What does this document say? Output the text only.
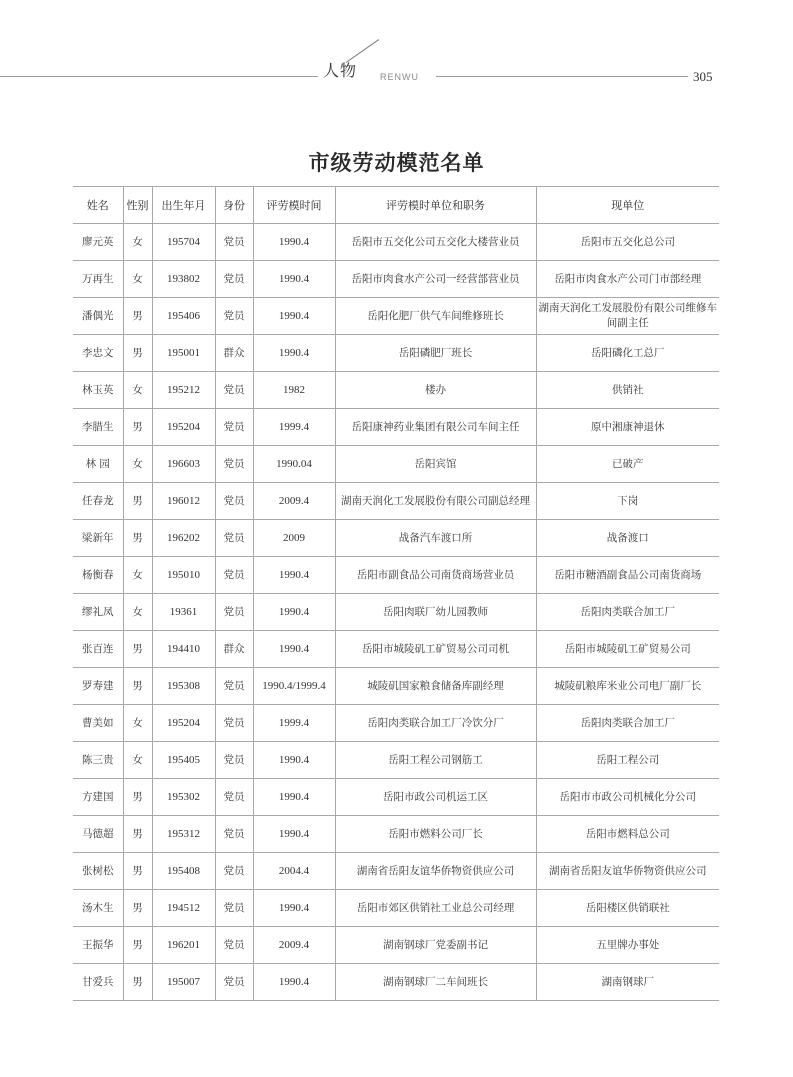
人物	RENWU	305
市级劳动模范名单
姓名	性别	出生年月	身份	评劳模时间	评劳模时单位和职务	现单位
廖元英	女	195704	党员	1990.4	岳阳市五交化公司五交化大楼营业员	岳阳市五交化总公司
万再生	女	193802	党员	1990.4	岳阳市肉食水产公司一经营部营业员	岳阳市肉食水产公司门市部经理
潘偶光	男	195406	党员	1990.4	岳阳化肥厂供气车间维修班长	湖南天润化工发展股份有限公司维修车间副主任
李忠文	男	195001	群众	1990.4	岳阳磷肥厂班长	岳阳磷化工总厂
林玉英	女	195212	党员	1982	楼办	供销社
李腊生	男	195204	党员	1999.4	岳阳康神药业集团有限公司车间主任	原中湘康神退休
林 园	女	196603	党员	1990.04	岳阳宾馆	已破产
任春龙	男	196012	党员	2009.4	湖南天润化工发展股份有限公司副总经理	下岗
梁新年	男	196202	党员	2009	战备汽车渡口所	战备渡口
杨衡春	女	195010	党员	1990.4	岳阳市副食品公司南货商场营业员	岳阳市糖酒副食品公司南货商场
缪礼凤	女	19361	党员	1990.4	岳阳肉联厂幼儿园教师	岳阳肉类联合加工厂
张百连	男	194410	群众	1990.4	岳阳市城陵矶工矿贸易公司司机	岳阳市城陵矶工矿贸易公司
罗寿建	男	195308	党员	1990.4/1999.4	城陵矶国家粮食储备库副经理	城陵矶粮库米业公司电厂副厂长
曹美如	女	195204	党员	1999.4	岳阳肉类联合加工厂冷饮分厂	岳阳肉类联合加工厂
陈三贵	女	195405	党员	1990.4	岳阳工程公司钢筋工	岳阳工程公司
方建国	男	195302	党员	1990.4	岳阳市政公司机运工区	岳阳市市政公司机械化分公司
马德超	男	195312	党员	1990.4	岳阳市燃料公司厂长	岳阳市燃料总公司
张树松	男	195408	党员	2004.4	湖南省岳阳友谊华侨物资供应公司	湖南省岳阳友谊华侨物资供应公司
汤木生	男	194512	党员	1990.4	岳阳市郊区供销社工业总公司经理	岳阳楼区供销联社
王振华	男	196201	党员	2009.4	湖南钢球厂党委副书记	五里牌办事处
甘爱兵	男	195007	党员	1990.4	湖南钢球厂二车间班长	湖南钢球厂
